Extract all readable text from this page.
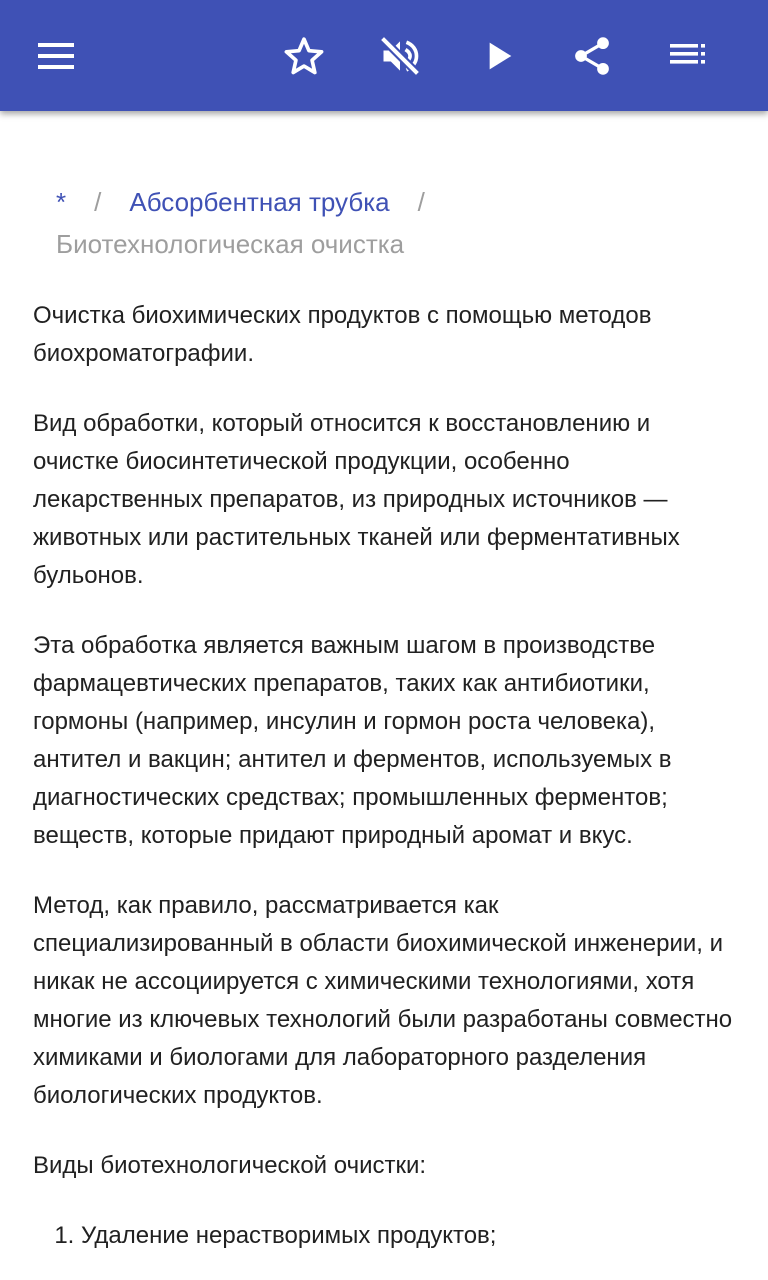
* / Абсорбентная трубка /
Биотехнологическая очистка

Очистка биохимических продуктов с помощью методов биохроматографии.

Вид обработки, который относится к восстановлению и очистке биосинтетической продукции, особенно лекарственных препаратов, из природных источников — животных или растительных тканей или ферментативных бульонов.

Эта обработка является важным шагом в производстве фармацевтических препаратов, таких как антибиотики, гормоны (например, инсулин и гормон роста человека), антител и вакцин; антител и ферментов, используемых в диагностических средствах; промышленных ферментов; веществ, которые придают природный аромат и вкус.

Метод, как правило, рассматривается как специализированный в области биохимической инженерии, и никак не ассоциируется с химическими технологиями, хотя многие из ключевых технологий были разработаны совместно химиками и биологами для лабораторного разделения биологических продуктов.

Виды биотехнологической очистки:

1. Удаление нерастворимых продуктов;
